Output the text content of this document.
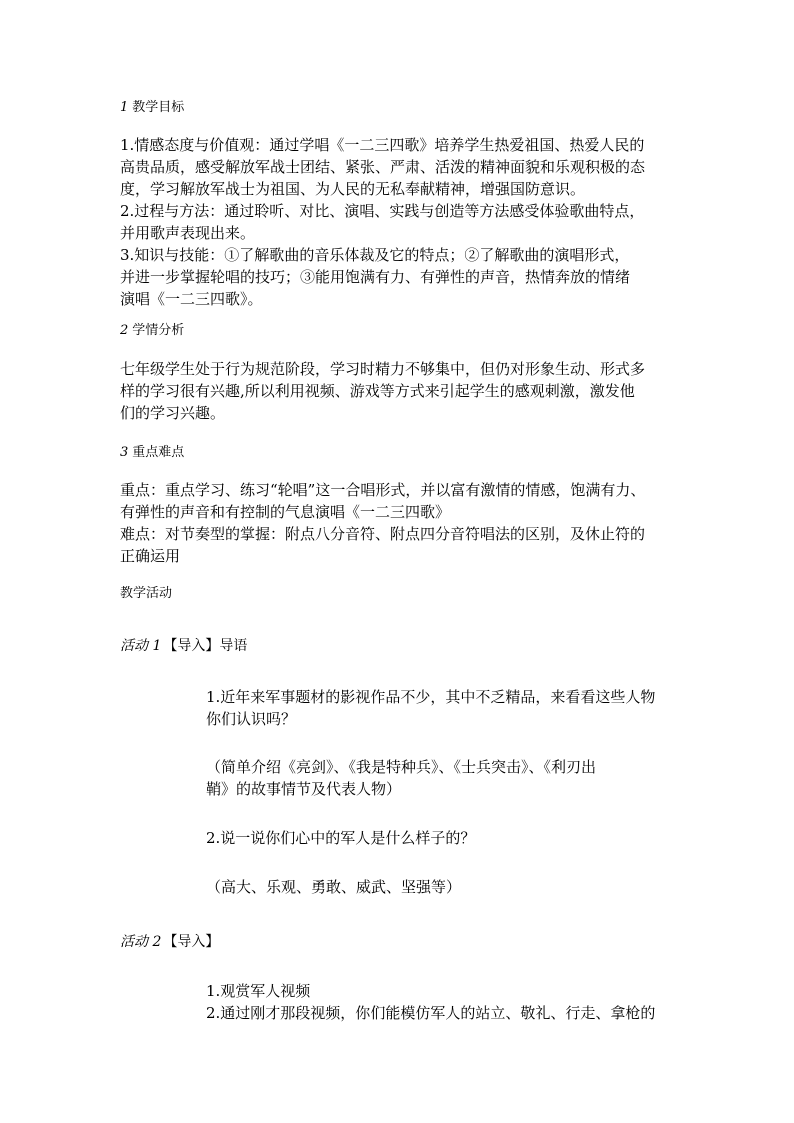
1 教学目标
1.情感态度与价值观：通过学唱《一二三四歌》培养学生热爱祖国、热爱人民的
高贵品质，感受解放军战士团结、紧张、严肃、活泼的精神面貌和乐观积极的态
度，学习解放军战士为祖国、为人民的无私奉献精神，增强国防意识。
2.过程与方法：通过聆听、对比、演唱、实践与创造等方法感受体验歌曲特点，
并用歌声表现出来。
3.知识与技能：①了解歌曲的音乐体裁及它的特点；②了解歌曲的演唱形式，
并进一步掌握轮唱的技巧；③能用饱满有力、有弹性的声音，热情奔放的情绪
演唱《一二三四歌》。
2 学情分析
七年级学生处于行为规范阶段，学习时精力不够集中，但仍对形象生动、形式多
样的学习很有兴趣,所以利用视频、游戏等方式来引起学生的感观刺激，激发他
们的学习兴趣。
3 重点难点
重点：重点学习、练习“轮唱”这一合唱形式，并以富有激情的情感，饱满有力、
有弹性的声音和有控制的气息演唱《一二三四歌》
难点：对节奏型的掌握：附点八分音符、附点四分音符唱法的区别，及休止符的
正确运用
教学活动
活动 1 【导入】导语
1.近年来军事题材的影视作品不少，其中不乏精品，来看看这些人物
你们认识吗？
（简单介绍《亮剑》、《我是特种兵》、《士兵突击》、《利刃出
鞘》的故事情节及代表人物）
2.说一说你们心中的军人是什么样子的？
（高大、乐观、勇敢、威武、坚强等）
活动 2 【导入】
1.观赏军人视频
2.通过刚才那段视频，你们能模仿军人的站立、敬礼、行走、拿枪的
